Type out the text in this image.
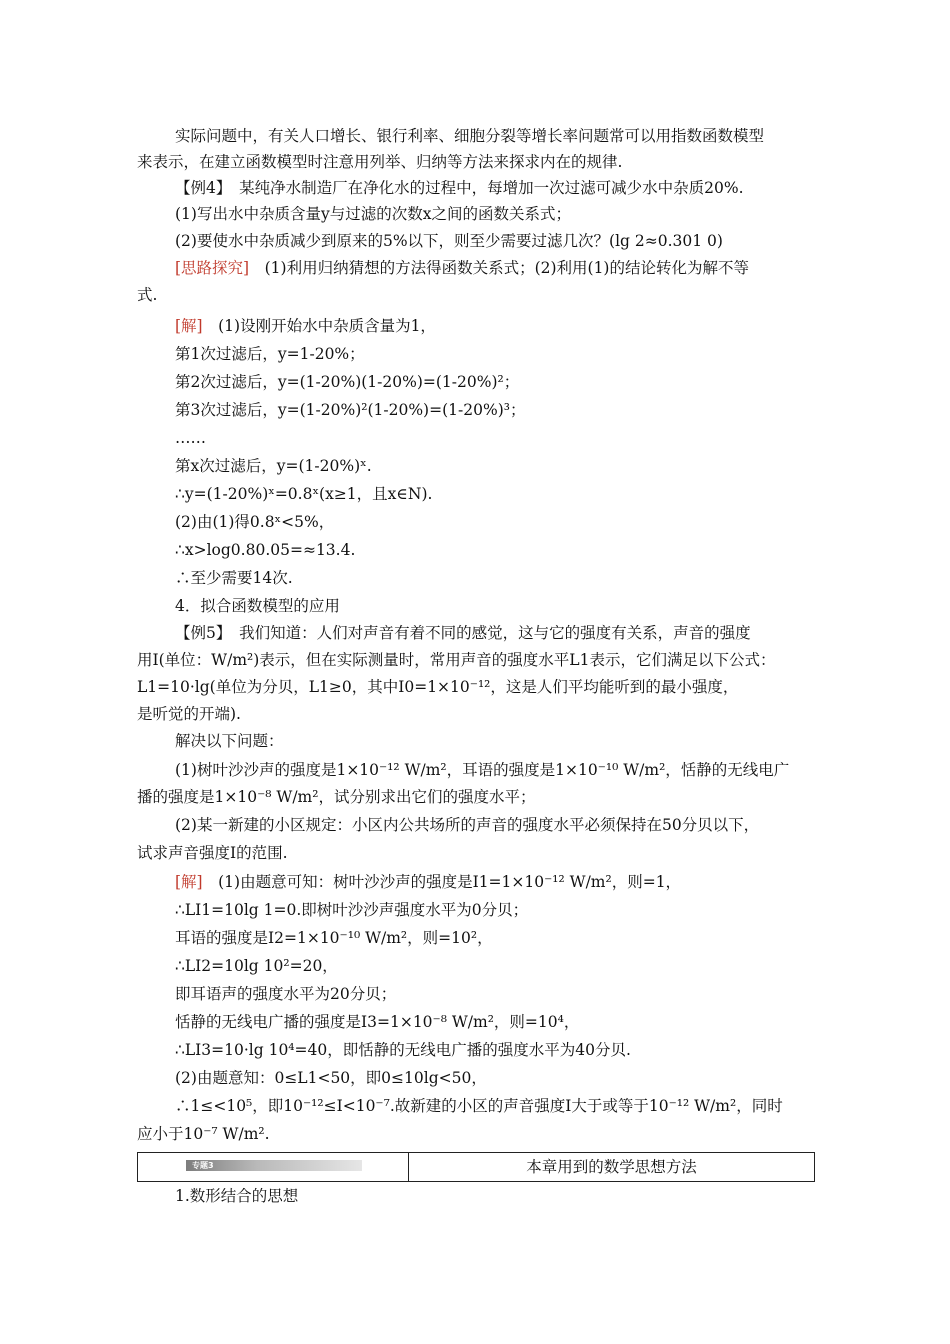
实际问题中，有关人口增长、银行利率、细胞分裂等增长率问题常可以用指数函数模型
来表示，在建立函数模型时注意用列举、归纳等方法来探求内在的规律.
【例4】　某纯净水制造厂在净化水的过程中，每增加一次过滤可减少水中杂质20%.
(1)写出水中杂质含量y与过滤的次数x之间的函数关系式；
(2)要使水中杂质减少到原来的5%以下，则至少需要过滤几次？(lg 2≈0.301 0)
[思路探究]　(1)利用归纳猜想的方法得函数关系式；(2)利用(1)的结论转化为解不等
式.
[解]　(1)设刚开始水中杂质含量为1，
第1次过滤后，y=1-20%；
第2次过滤后，y=(1-20%)(1-20%)=(1-20%)²；
第3次过滤后，y=(1-20%)²(1-20%)=(1-20%)³；
……
第x次过滤后，y=(1-20%)ˣ.
∴y=(1-20%)ˣ=0.8ˣ(x≥1，且x∈N).
(2)由(1)得0.8ˣ<5%，
∴x>log0.80.05=≈13.4.
∴至少需要14次.
4．拟合函数模型的应用
【例5】　我们知道：人们对声音有着不同的感觉，这与它的强度有关系，声音的强度
用I(单位：W/m²)表示，但在实际测量时，常用声音的强度水平L1表示，它们满足以下公式：
L1=10·lg(单位为分贝，L1≥0，其中I0=1×10⁻¹²，这是人们平均能听到的最小强度，
是听觉的开端).
解决以下问题：
(1)树叶沙沙声的强度是1×10⁻¹² W/m²，耳语的强度是1×10⁻¹⁰ W/m²，恬静的无线电广
播的强度是1×10⁻⁸ W/m²，试分别求出它们的强度水平；
(2)某一新建的小区规定：小区内公共场所的声音的强度水平必须保持在50分贝以下，
试求声音强度I的范围.
[解]　(1)由题意可知：树叶沙沙声的强度是I1=1×10⁻¹² W/m²，则=1，
∴LI1=10lg 1=0.即树叶沙沙声强度水平为0分贝；
耳语的强度是I2=1×10⁻¹⁰ W/m²，则=10²，
∴LI2=10lg 10²=20，
即耳语声的强度水平为20分贝；
恬静的无线电广播的强度是I3=1×10⁻⁸ W/m²，则=10⁴，
∴LI3=10·lg 10⁴=40，即恬静的无线电广播的强度水平为40分贝.
(2)由题意知：0≤L1<50，即0≤10lg<50，
∴1≤<10⁵，即10⁻¹²≤I<10⁻⁷.故新建的小区的声音强度I大于或等于10⁻¹² W/m²，同时
应小于10⁻⁷ W/m².
专题3	本章用到的数学思想方法
1.数形结合的思想
